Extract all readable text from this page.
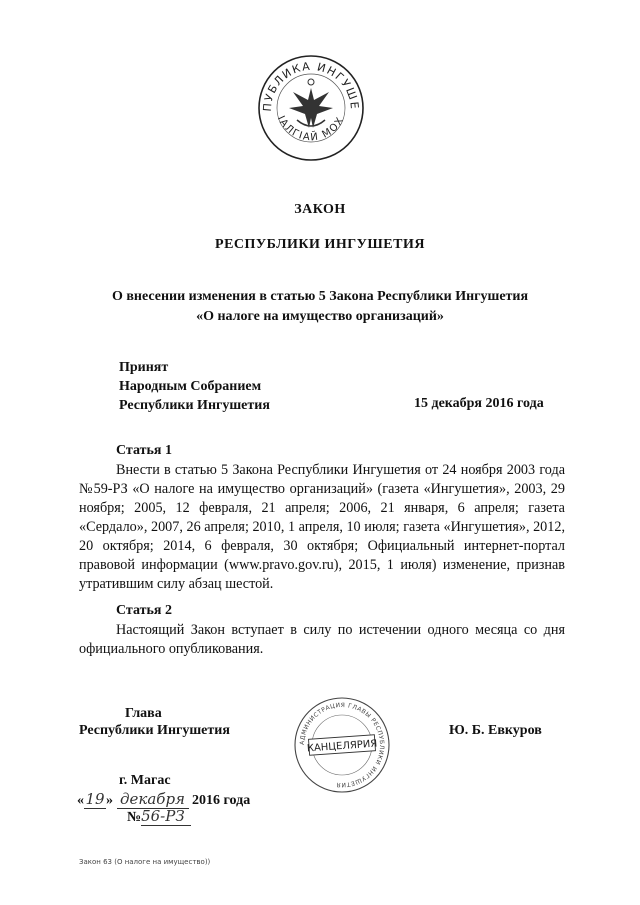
ПУБЛИКА ИНГУШЕ
IАЛГIАЙ МОХ
ЗАКОН
РЕСПУБЛИКИ ИНГУШЕТИЯ
О внесении изменения в статью 5 Закона Республики Ингушетия
«О налоге на имущество организаций»
Принят
Народным Собранием
Республики Ингушетия	15 декабря 2016 года
Статья 1

Внести в статью 5 Закона Республики Ингушетия от 24 ноября 2003 года №59-РЗ «О налоге на имущество организаций» (газета «Ингушетия», 2003, 29 ноября; 2005, 12 февраля, 21 апреля; 2006, 21 января, 6 апреля; газета «Сердало», 2007, 26 апреля; 2010, 1 апреля, 10 июля; газета «Ингушетия», 2012, 20 октября; 2014, 6 февраля, 30 октября; Официальный интернет-портал правовой информации (www.pravo.gov.ru), 2015, 1 июля) изменение, признав утратившим силу абзац шестой.

Статья 2

Настоящий Закон вступает в силу по истечении одного месяца со дня официального опубликования.

Глава
Республики Ингушетия	Ю. Б. Евкуров
АДМИНИСТРАЦИЯ ГЛАВЫ РЕСПУБЛИКИ ИНГУШЕТИЯ
КАНЦЕЛЯРИЯ
г. Магас
«19» декабря 2016 года
№56-РЗ
Закон 63 (О налоге на имущество))
